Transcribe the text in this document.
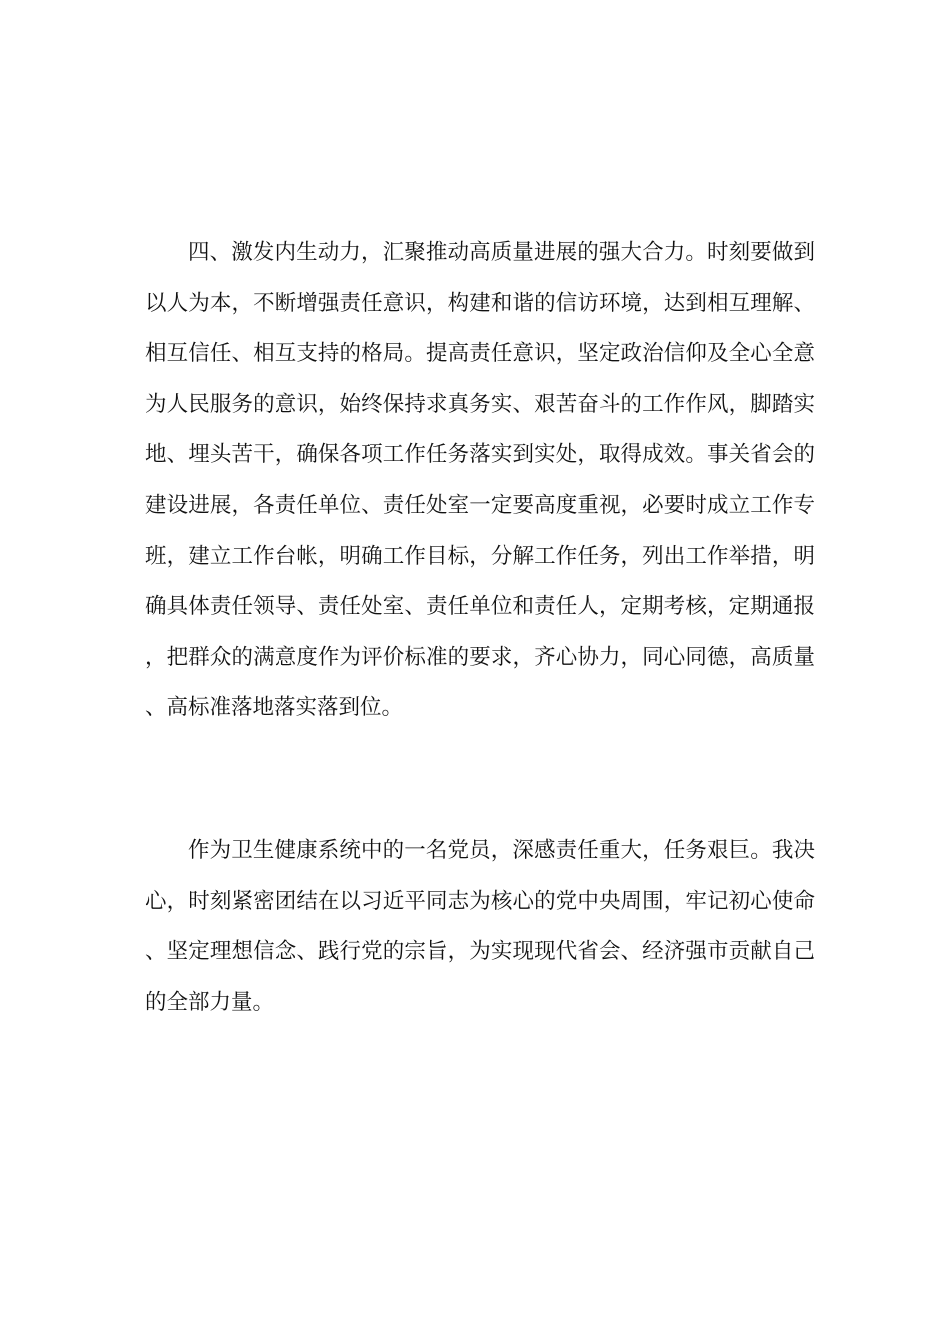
四、激发内生动力，汇聚推动高质量进展的强大合力。时刻要做到以人为本，不断增强责任意识，构建和谐的信访环境，达到相互理解、相互信任、相互支持的格局。提高责任意识，坚定政治信仰及全心全意为人民服务的意识，始终保持求真务实、艰苦奋斗的工作作风，脚踏实地、埋头苦干，确保各项工作任务落实到实处，取得成效。事关省会的建设进展，各责任单位、责任处室一定要高度重视，必要时成立工作专班，建立工作台帐，明确工作目标，分解工作任务，列出工作举措，明确具体责任领导、责任处室、责任单位和责任人，定期考核，定期通报，把群众的满意度作为评价标准的要求，齐心协力，同心同德，高质量、高标准落地落实落到位。

作为卫生健康系统中的一名党员，深感责任重大，任务艰巨。我决心，时刻紧密团结在以习近平同志为核心的党中央周围，牢记初心使命、坚定理想信念、践行党的宗旨，为实现现代省会、经济强市贡献自己的全部力量。
